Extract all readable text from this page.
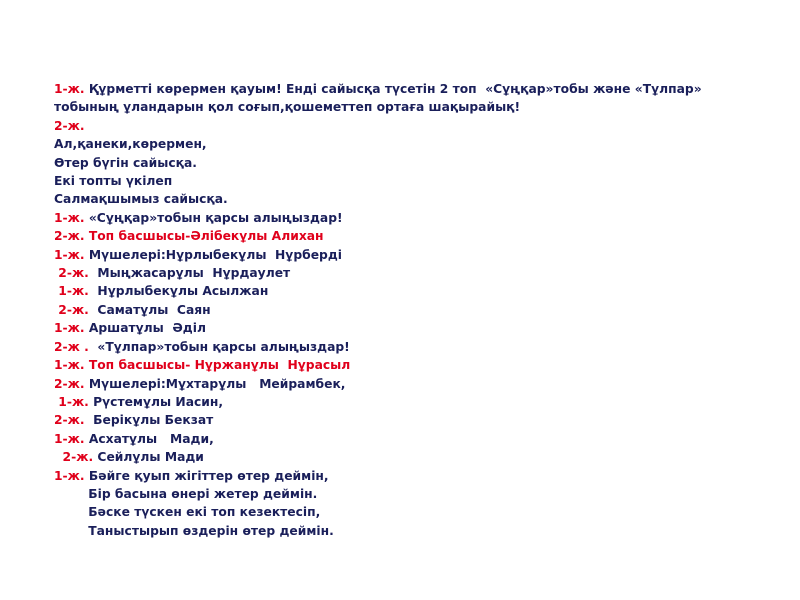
1-ж. Құрметті көрермен қауым! Енді сайысқа түсетін 2 топ  «Сұңқар»тобы және «Тұлпар»
тобының ұландарын қол соғып,қошеметтеп ортаға шақырайық!
2-ж.
Ал,қанеки,көрермен,
Өтер бүгін сайысқа.
Екі топты үкілеп
Салмақшымыз сайысқа.
1-ж. «Сұңқар»тобын қарсы алыңыздар!
2-ж. Топ басшысы-Әлібекұлы Алихан
1-ж. Мүшелері:Нұрлыбекұлы  Нұрберді
2-ж.  Мыңжасарұлы  Нұрдаулет
1-ж.  Нұрлыбекұлы Асылжан
2-ж.  Саматұлы  Саян
1-ж. Аршатұлы  Әділ
2-ж .  «Тұлпар»тобын қарсы алыңыздар!
1-ж. Топ басшысы- Нұржанұлы  Нұрасыл
2-ж. Мүшелері:Мұхтарұлы   Мейрамбек,
1-ж. Рүстемұлы Иасин,
2-ж.  Берікұлы Бекзат
1-ж. Асхатұлы   Мади,
2-ж. Сейлұлы Мади
1-ж. Бәйге қуып жігіттер өтер деймін,
Бір басына өнері жетер деймін.
Бәске түскен екі топ кезектесіп,
Таныстырып өздерін өтер деймін.
